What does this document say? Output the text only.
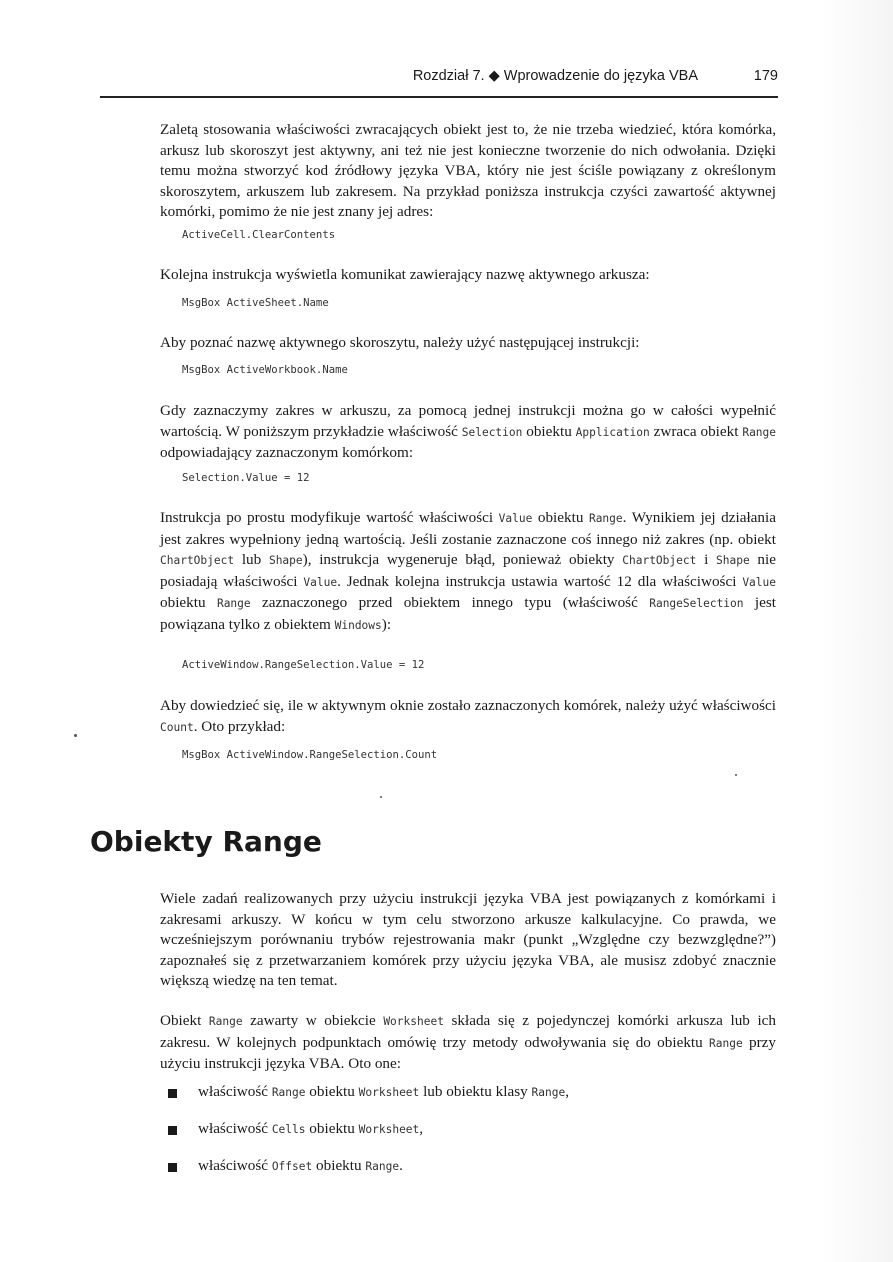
Rozdział 7. ◆ Wprowadzenie do języka VBA	179

Zaletą stosowania właściwości zwracających obiekt jest to, że nie trzeba wiedzieć, która komórka, arkusz lub skoroszyt jest aktywny, ani też nie jest konieczne tworzenie do nich odwołania. Dzięki temu można stworzyć kod źródłowy języka VBA, który nie jest ściśle powiązany z określonym skoroszytem, arkuszem lub zakresem. Na przykład poniższa instrukcja czyści zawartość aktywnej komórki, pomimo że nie jest znany jej adres:

ActiveCell.ClearContents

Kolejna instrukcja wyświetla komunikat zawierający nazwę aktywnego arkusza:

MsgBox ActiveSheet.Name

Aby poznać nazwę aktywnego skoroszytu, należy użyć następującej instrukcji:

MsgBox ActiveWorkbook.Name

Gdy zaznaczymy zakres w arkuszu, za pomocą jednej instrukcji można go w całości wypełnić wartością. W poniższym przykładzie właściwość Selection obiektu Application zwraca obiekt Range odpowiadający zaznaczonym komórkom:

Selection.Value = 12

Instrukcja po prostu modyfikuje wartość właściwości Value obiektu Range. Wynikiem jej działania jest zakres wypełniony jedną wartością. Jeśli zostanie zaznaczone coś innego niż zakres (np. obiekt ChartObject lub Shape), instrukcja wygeneruje błąd, ponieważ obiekty ChartObject i Shape nie posiadają właściwości Value. Jednak kolejna instrukcja ustawia wartość 12 dla właściwości Value obiektu Range zaznaczonego przed obiektem innego typu (właściwość RangeSelection jest powiązana tylko z obiektem Windows):

ActiveWindow.RangeSelection.Value = 12

Aby dowiedzieć się, ile w aktywnym oknie zostało zaznaczonych komórek, należy użyć właściwości Count. Oto przykład:

MsgBox ActiveWindow.RangeSelection.Count

Obiekty Range

Wiele zadań realizowanych przy użyciu instrukcji języka VBA jest powiązanych z komórkami i zakresami arkuszy. W końcu w tym celu stworzono arkusze kalkulacyjne. Co prawda, we wcześniejszym porównaniu trybów rejestrowania makr (punkt „Względne czy bezwzględne?”) zapoznałeś się z przetwarzaniem komórek przy użyciu języka VBA, ale musisz zdobyć znacznie większą wiedzę na ten temat.

Obiekt Range zawarty w obiekcie Worksheet składa się z pojedynczej komórki arkusza lub ich zakresu. W kolejnych podpunktach omówię trzy metody odwoływania się do obiektu Range przy użyciu instrukcji języka VBA. Oto one:

właściwość Range obiektu Worksheet lub obiektu klasy Range,

właściwość Cells obiektu Worksheet,

właściwość Offset obiektu Range.
